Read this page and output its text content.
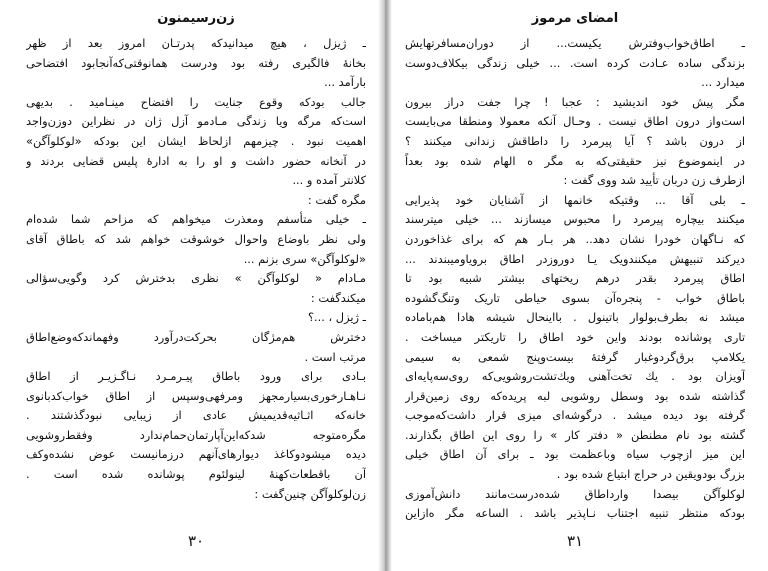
زن‌رسیمنون
ـ ژیزل ، هیچ میدانیدکه پدرتـان امروز بعد از ظهر
بخانهٔ فالگیری رفته بود ودرست همانوقتی‌که‌آنجابود افتضاحی
بارآمد ...
جالب بودکه وقوع جنایت را افتضاح مینـامید . بدیهی
است‌که مر‌گه ویا زندگی‌ مـادمو آزل ژان در نظر‌این دوزن‌واجد
اهمیت نبود . چیزمهم ازلحاظ ایشان این بودکه «لوکلوآگن»
در آنخانه حضور داشت و او را به ادارهٔ پلیس قضایی بردند و
کلانتر آمده و ...
مگره گفت :
ـ خیلی متأسفم ومعذرت میخواهم که مزاحم شما شده‌ام
ولی نظر باوضاع واحوال خوشوقت خواهم شد که باطاق آقای
«لوکلوآگن» سری بزنم ...
مـادام « لوکلوآگن » نظری بدخترش کرد وگویی‌سؤالی
میکندگفت :
ـ ژیزل ، ...؟
دخترش هم‌مژگان بحرکت‌درآورد وفهماند‌که‌وضع‌اطاق
مرتب است .
بـادی برای ورود باطاق پیـرمـرد نـاگـزیـر از اطاق
نـاهـارخوری‌بسیارمجهز ومرفهی‌وسپس از اطاق خواب‌کدبانوی
خانه‌که اثـاثیه‌قدیمیش عادی از زیبایی نبودگذشتند .
مگره‌متوجه شدکه‌این‌آپارتمان‌حمام‌ندارد وفقط‌روشویی
دیده میشودوکاغذ دیوارهای‌آنهم درزمانیست عوض نشده‌وکف
آن باقطعات‌کهنهٔ لینولئوم پوشانده شده است .
زن‌لوکلوآگن چنین‌گفت :
۳۰
امضای مرموز
ـ اطاق‌خواب‌وفترش یکیست... از دوران‌مسافرتهایش
بزندگی ساده عـادت کرده است. ... خیلی زندگی بیکلاف‌دوست
میدارد ...
مگر پیش خود اندیشید : عجبا ! چرا جفت دراز بیرون
است‌واز درون اطاق نیست . وحـال آنکه معمولا ومنطقا می‌بایست
از درون باشد ؟ آیا پیرمرد را داطاقش زندانی میکنند ؟
در اینموضوع نیز حقیقتی‌که به‌ مگر ه الهام شده بود بعداً
ازطرف زن دربان تأیید شد ووی گفت :
ـ بلی آقا ... وقتیکه خانمها از آشنایان خود پذیرایی
میکنند بیچاره پیرمرد را محبوس میسازند ... خیلی میترسند
که نـاگهان خودرا نشان دهد.. هر بـار هم که برای غذاخوردن
دیرکند تنبیهش میکنندویک یـا دوروزدر اطاق برویاومیبندند ...
اطاق پیرمرد بقدر درهم ریختهای بیشتر شبیه بود تا
باطاق خواب - پنجره‌آن بسوی حیاطی تاریک وتنگ‌گشوده
میشد نه بطرف‌بولوار باتینول . بااینحال شیشه هادا هم‌باماده
تاری پوشانده بودند واین خود اطاق را تاریکتر میساخت .
یکلامپ برق‌گردوغبار گرفتهٔ بیست‌وپنج شمعی به سیمی
آویزان بود . یك تخت‌آهنی ویك‌تشت‌روشویی‌که روی‌سه‌پایه‌ای
گذاشته شده بود وسطل روشویی لبه‌ پریده‌که روی زمین‌قرار
گرفته بود دیده میشد . در‌گوشه‌ای میزی قرار داشت‌که‌موجب
گشته بود نام مطنطن « دفتر کار » را روی این اطاق بگذارند.
این میز ازچوب سیاه وباعظمت بود ـ برای آن اطاق خیلی
بزرگ بودویقین در حراج ابتیاع شده بود .
لوکلوآگن بیصدا وارداطاق شده‌درست‌مانند دانش‌آموزی
بودکه منتظر تنبیه اجتناب نـاپذیر باشد . الساعه مگر ه‌ازاین
۳۱
